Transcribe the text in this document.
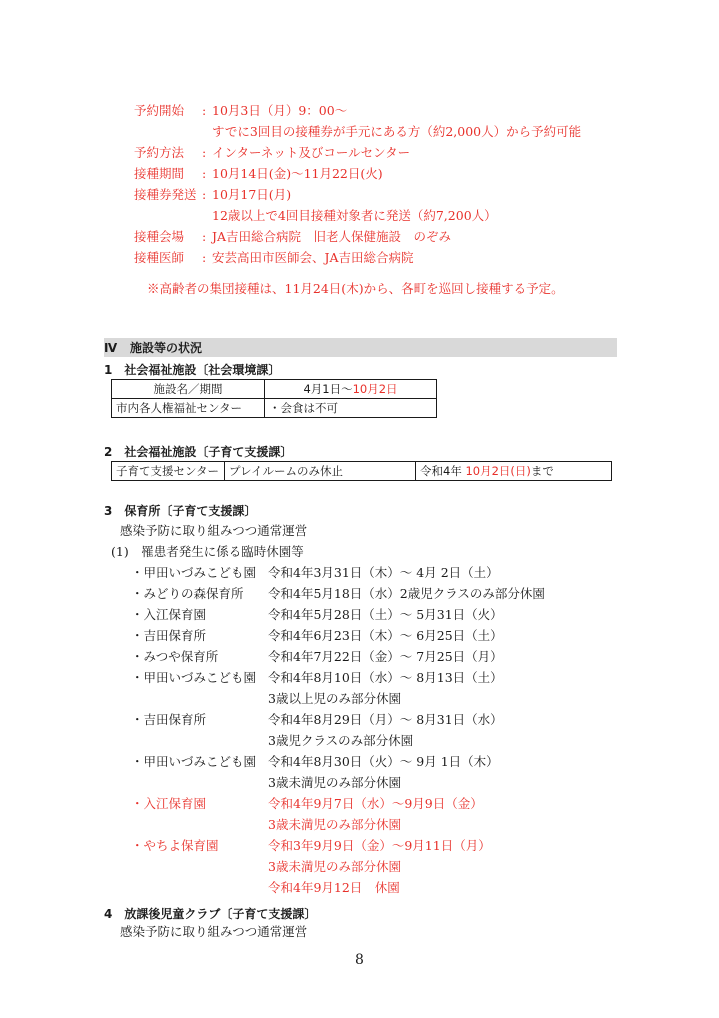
予約開始 : 10月3日（月）9：00～
すでに3回目の接種券が手元にある方（約2,000人）から予約可能
予約方法 : インターネット及びコールセンター
接種期間 : 10月14日(金)～11月22日(火)
接種券発送 : 10月17日(月)
12歳以上で4回目接種対象者に発送（約7,200人）
接種会場 : JA吉田総合病院　旧老人保健施設　のぞみ
接種医師 : 安芸高田市医師会、JA吉田総合病院
※高齢者の集団接種は、11月24日(木)から、各町を巡回し接種する予定。
Ⅳ 施設等の状況
1　社会福祉施設〔社会環境課〕
施設名／期間	4月1日～10月2日
市内各人権福祉センター	・会食は不可
2　社会福祉施設〔子育て支援課〕
子育て支援センター	プレイルームのみ休止	令和4年 10月2日(日)まで
3　保育所〔子育て支援課〕
感染予防に取り組みつつ通常運営
(1)　罹患者発生に係る臨時休園等
・甲田いづみこども園 令和4年3月31日（木）～ 4月 2日（土）
・みどりの森保育所 令和4年5月18日（水）2歳児クラスのみ部分休園
・入江保育園	令和4年5月28日（土）～ 5月31日（火）
・吉田保育所	令和4年6月23日（木）～ 6月25日（土）
・みつや保育所	令和4年7月22日（金）～ 7月25日（月）
・甲田いづみこども園 令和4年8月10日（水）～ 8月13日（土）
3歳以上児のみ部分休園
・吉田保育所	令和4年8月29日（月）～ 8月31日（水）
3歳児クラスのみ部分休園
・甲田いづみこども園 令和4年8月30日（火）～ 9月 1日（木）
3歳未満児のみ部分休園
・入江保育園	令和4年9月7日（水）～9月9日（金）
3歳未満児のみ部分休園
・やちよ保育園	令和3年9月9日（金）～9月11日（月）
3歳未満児のみ部分休園
令和4年9月12日　休園
4　放課後児童クラブ〔子育て支援課〕
感染予防に取り組みつつ通常運営
8
